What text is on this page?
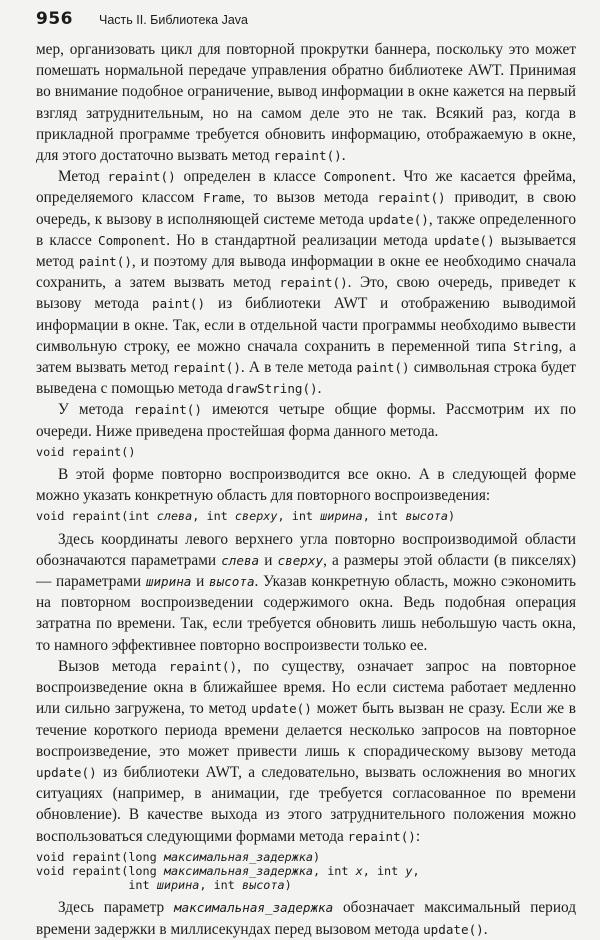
956 Часть II. Библиотека Java

мер, организовать цикл для повторной прокрутки баннера, поскольку это может помешать нормальной передаче управления обратно библиотеке AWT. Принимая во внимание подобное ограничение, вывод информации в окне кажется на первый взгляд затруднительным, но на самом деле это не так. Всякий раз, когда в прикладной программе требуется обновить информацию, отображаемую в окне, для этого достаточно вызвать метод repaint().

Метод repaint() определен в классе Component. Что же касается фрейма, определяемого классом Frame, то вызов метода repaint() приводит, в свою очередь, к вызову в исполняющей системе метода update(), также определенного в классе Component. Но в стандартной реализации метода update() вызывается метод paint(), и поэтому для вывода информации в окне ее необходимо сначала сохранить, а затем вызвать метод repaint(). Это, свою очередь, приведет к вызову метода paint() из библиотеки AWT и отображению выводимой информации в окне. Так, если в отдельной части программы необходимо вывести символьную строку, ее можно сначала сохранить в переменной типа String, а затем вызвать метод repaint(). А в теле метода paint() символьная строка будет выведена с помощью метода drawString().

У метода repaint() имеются четыре общие формы. Рассмотрим их по очереди. Ниже приведена простейшая форма данного метода.

void repaint()

В этой форме повторно воспроизводится все окно. А в следующей форме можно указать конкретную область для повторного воспроизведения:

void repaint(int слева, int сверху, int ширина, int высота)

Здесь координаты левого верхнего угла повторно воспроизводимой области обозначаются параметрами слева и сверху, а размеры этой области (в пикселях) — параметрами ширина и высота. Указав конкретную область, можно сэкономить на повторном воспроизведении содержимого окна. Ведь подобная операция затратна по времени. Так, если требуется обновить лишь небольшую часть окна, то намного эффективнее повторно воспроизвести только ее.

Вызов метода repaint(), по существу, означает запрос на повторное воспроизведение окна в ближайшее время. Но если система работает медленно или сильно загружена, то метод update() может быть вызван не сразу. Если же в течение короткого периода времени делается несколько запросов на повторное воспроизведение, это может привести лишь к спорадическому вызову метода update() из библиотеки AWT, а следовательно, вызвать осложнения во многих ситуациях (например, в анимации, где требуется согласованное по времени обновление). В качестве выхода из этого затруднительного положения можно воспользоваться следующими формами метода repaint():

void repaint(long максимальная_задержка)
void repaint(long максимальная_задержка, int x, int y,
int ширина, int высота)

Здесь параметр максимальная_задержка обозначает максимальный период времени задержки в миллисекундах перед вызовом метода update().
